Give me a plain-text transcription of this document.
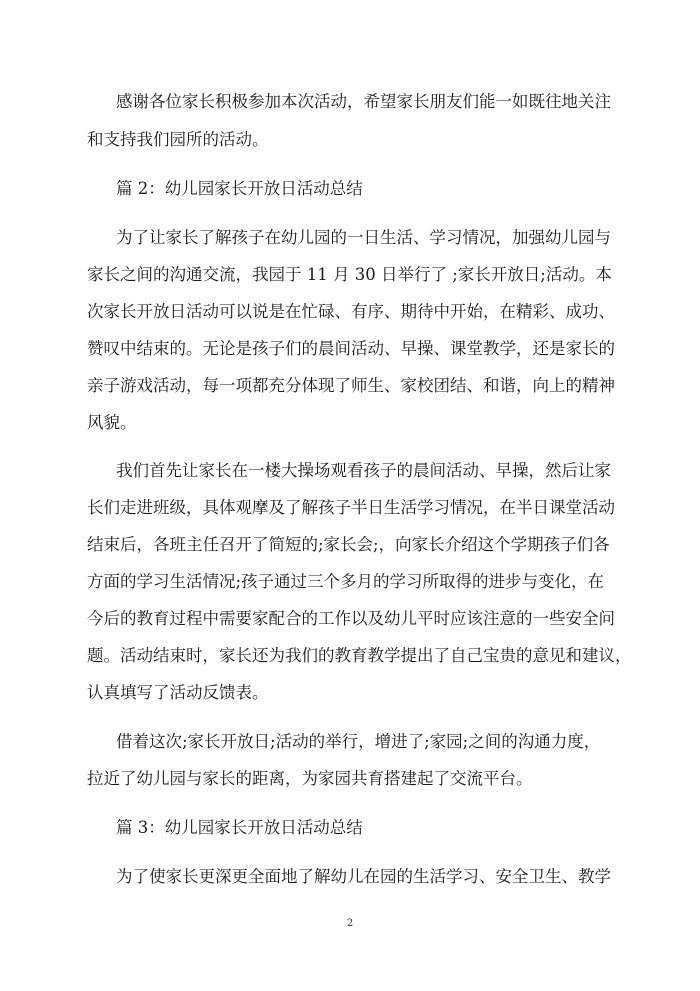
感谢各位家长积极参加本次活动，希望家长朋友们能一如既往地关注
和支持我们园所的活动。
篇 2：幼儿园家长开放日活动总结
为了让家长了解孩子在幼儿园的一日生活、学习情况，加强幼儿园与
家长之间的沟通交流，我园于 11 月 30 日举行了 ;家长开放日;活动。本
次家长开放日活动可以说是在忙碌、有序、期待中开始，在精彩、成功、
赞叹中结束的。无论是孩子们的晨间活动、早操、课堂教学，还是家长的
亲子游戏活动，每一项都充分体现了师生、家校团结、和谐，向上的精神
风貌。
我们首先让家长在一楼大操场观看孩子的晨间活动、早操，然后让家
长们走进班级，具体观摩及了解孩子半日生活学习情况，在半日课堂活动
结束后，各班主任召开了简短的;家长会;，向家长介绍这个学期孩子们各
方面的学习生活情况;孩子通过三个多月的学习所取得的进步与变化，在
今后的教育过程中需要家配合的工作以及幼儿平时应该注意的一些安全问
题。活动结束时，家长还为我们的教育教学提出了自己宝贵的意见和建议，
认真填写了活动反馈表。
借着这次;家长开放日;活动的举行，增进了;家园;之间的沟通力度，
拉近了幼儿园与家长的距离，为家园共育搭建起了交流平台。
篇 3：幼儿园家长开放日活动总结
为了使家长更深更全面地了解幼儿在园的生活学习、安全卫生、教学
2
